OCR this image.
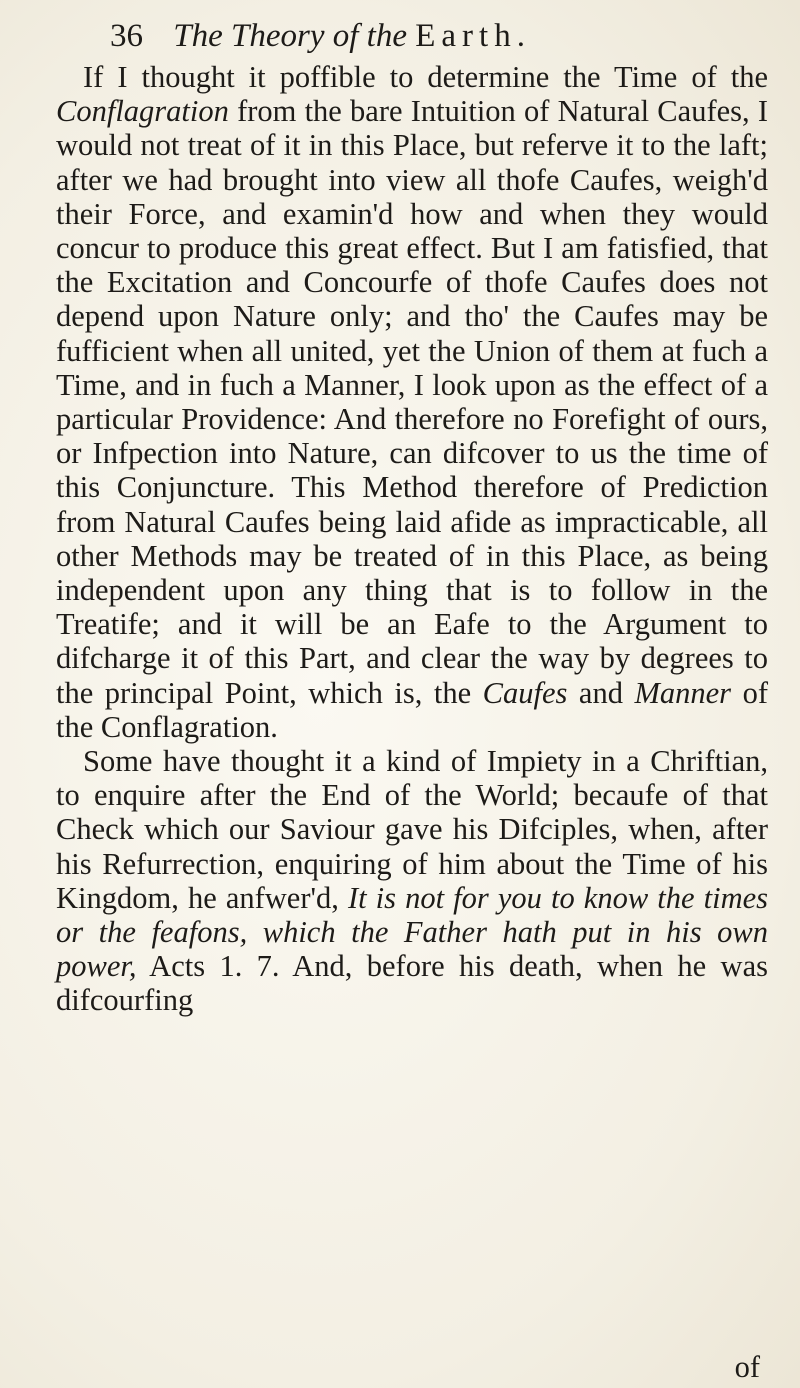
36 The Theory of the Earth.

If I thought it poffible to determine the Time of the Conflagration from the bare Intuition of Natural Caufes, I would not treat of it in this Place, but referve it to the laft; after we had brought into view all thofe Caufes, weigh'd their Force, and examin'd how and when they would concur to produce this great effect. But I am fatisfied, that the Excitation and Concourfe of thofe Caufes does not depend upon Nature only; and tho' the Caufes may be fufficient when all united, yet the Union of them at fuch a Time, and in fuch a Manner, I look upon as the effect of a particular Providence: And therefore no Forefight of ours, or Infpection into Nature, can difcover to us the time of this Conjuncture. This Method therefore of Prediction from Natural Caufes being laid afide as impracticable, all other Methods may be treated of in this Place, as being independent upon any thing that is to follow in the Treatife; and it will be an Eafe to the Argument to difcharge it of this Part, and clear the way by degrees to the principal Point, which is, the Caufes and Manner of the Conflagration.

Some have thought it a kind of Impiety in a Chriftian, to enquire after the End of the World; becaufe of that Check which our Saviour gave his Difciples, when, after his Refurrection, enquiring of him about the Time of his Kingdom, he anfwer'd, It is not for you to know the times or the feafons, which the Father hath put in his own power, Acts 1. 7. And, before his death, when he was difcourfing

of
